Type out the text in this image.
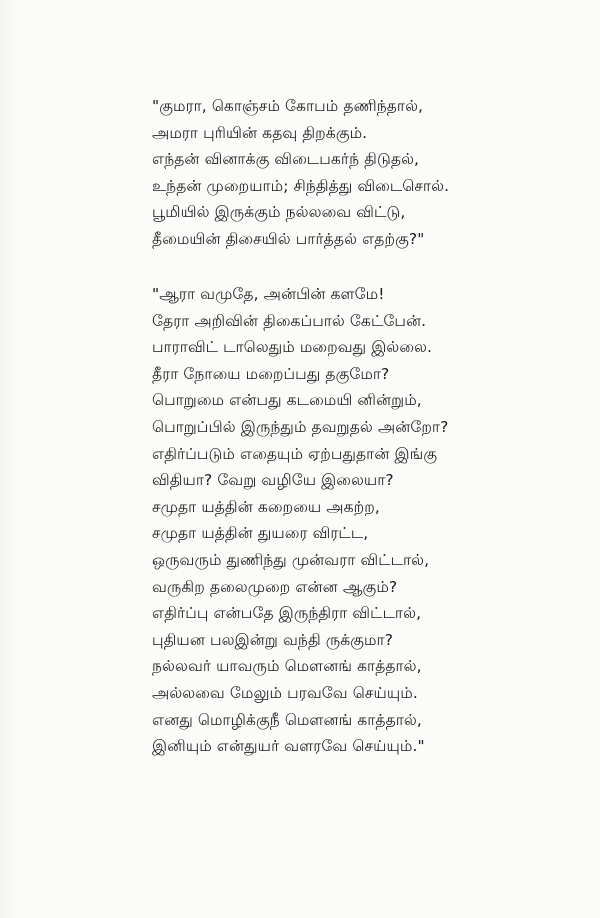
"குமரா, கொஞ்சம் கோபம் தணிந்தால்,
அமரா புரியின் கதவு திறக்கும்.
எந்தன் வினாக்கு விடைபகர்ந் திடுதல்,
உந்தன் முறையாம்; சிந்தித்து விடைசொல்.
பூமியில் இருக்கும் நல்லவை விட்டு,
தீமையின் திசையில் பார்த்தல் எதற்கு?"
"ஆரா வமுதே, அன்பின் களமே!
தேரா அறிவின் திகைப்பால் கேட்பேன்.
பாராவிட் டாலெதும் மறைவது இல்லை.
தீரா நோயை மறைப்பது தகுமோ?
பொறுமை என்பது கடமையி னின்றும்,
பொறுப்பில் இருந்தும் தவறுதல் அன்றோ?
எதிர்ப்படும் எதையும் ஏற்பதுதான் இங்கு
விதியா? வேறு வழியே இலையா?
சமுதா யத்தின் கறையை அகற்ற,
சமுதா யத்தின் துயரை விரட்ட,
ஒருவரும் துணிந்து முன்வரா விட்டால்,
வருகிற தலைமுறை என்ன ஆகும்?
எதிர்ப்பு என்பதே இருந்திரா விட்டால்,
புதியன பலஇன்று வந்தி ருக்குமா?
நல்லவர் யாவரும் மௌனங் காத்தால்,
அல்லவை மேலும் பரவவே செய்யும்.
எனது மொழிக்குநீ மௌனங் காத்தால்,
இனியும் என்துயர் வளரவே செய்யும்."
